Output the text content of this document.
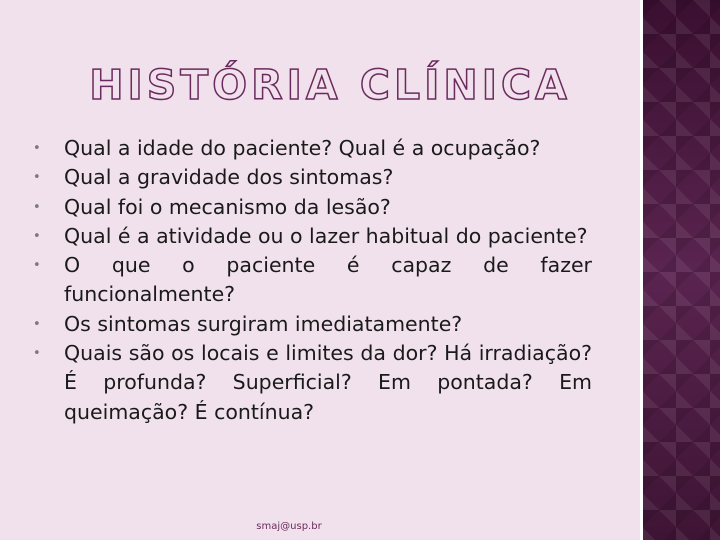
HISTÓRIA CLÍNICA
• Qual a idade do paciente? Qual é a ocupação?
• Qual a gravidade dos sintomas?
• Qual foi o mecanismo da lesão?
• Qual é a atividade ou o lazer habitual do paciente?
• O que o paciente é capaz de fazer funcionalmente?
• Os sintomas surgiram imediatamente?
• Quais são os locais e limites da dor? Há irradiação? É profunda? Superficial? Em pontada? Em queimação? É contínua?
smaj@usp.br
